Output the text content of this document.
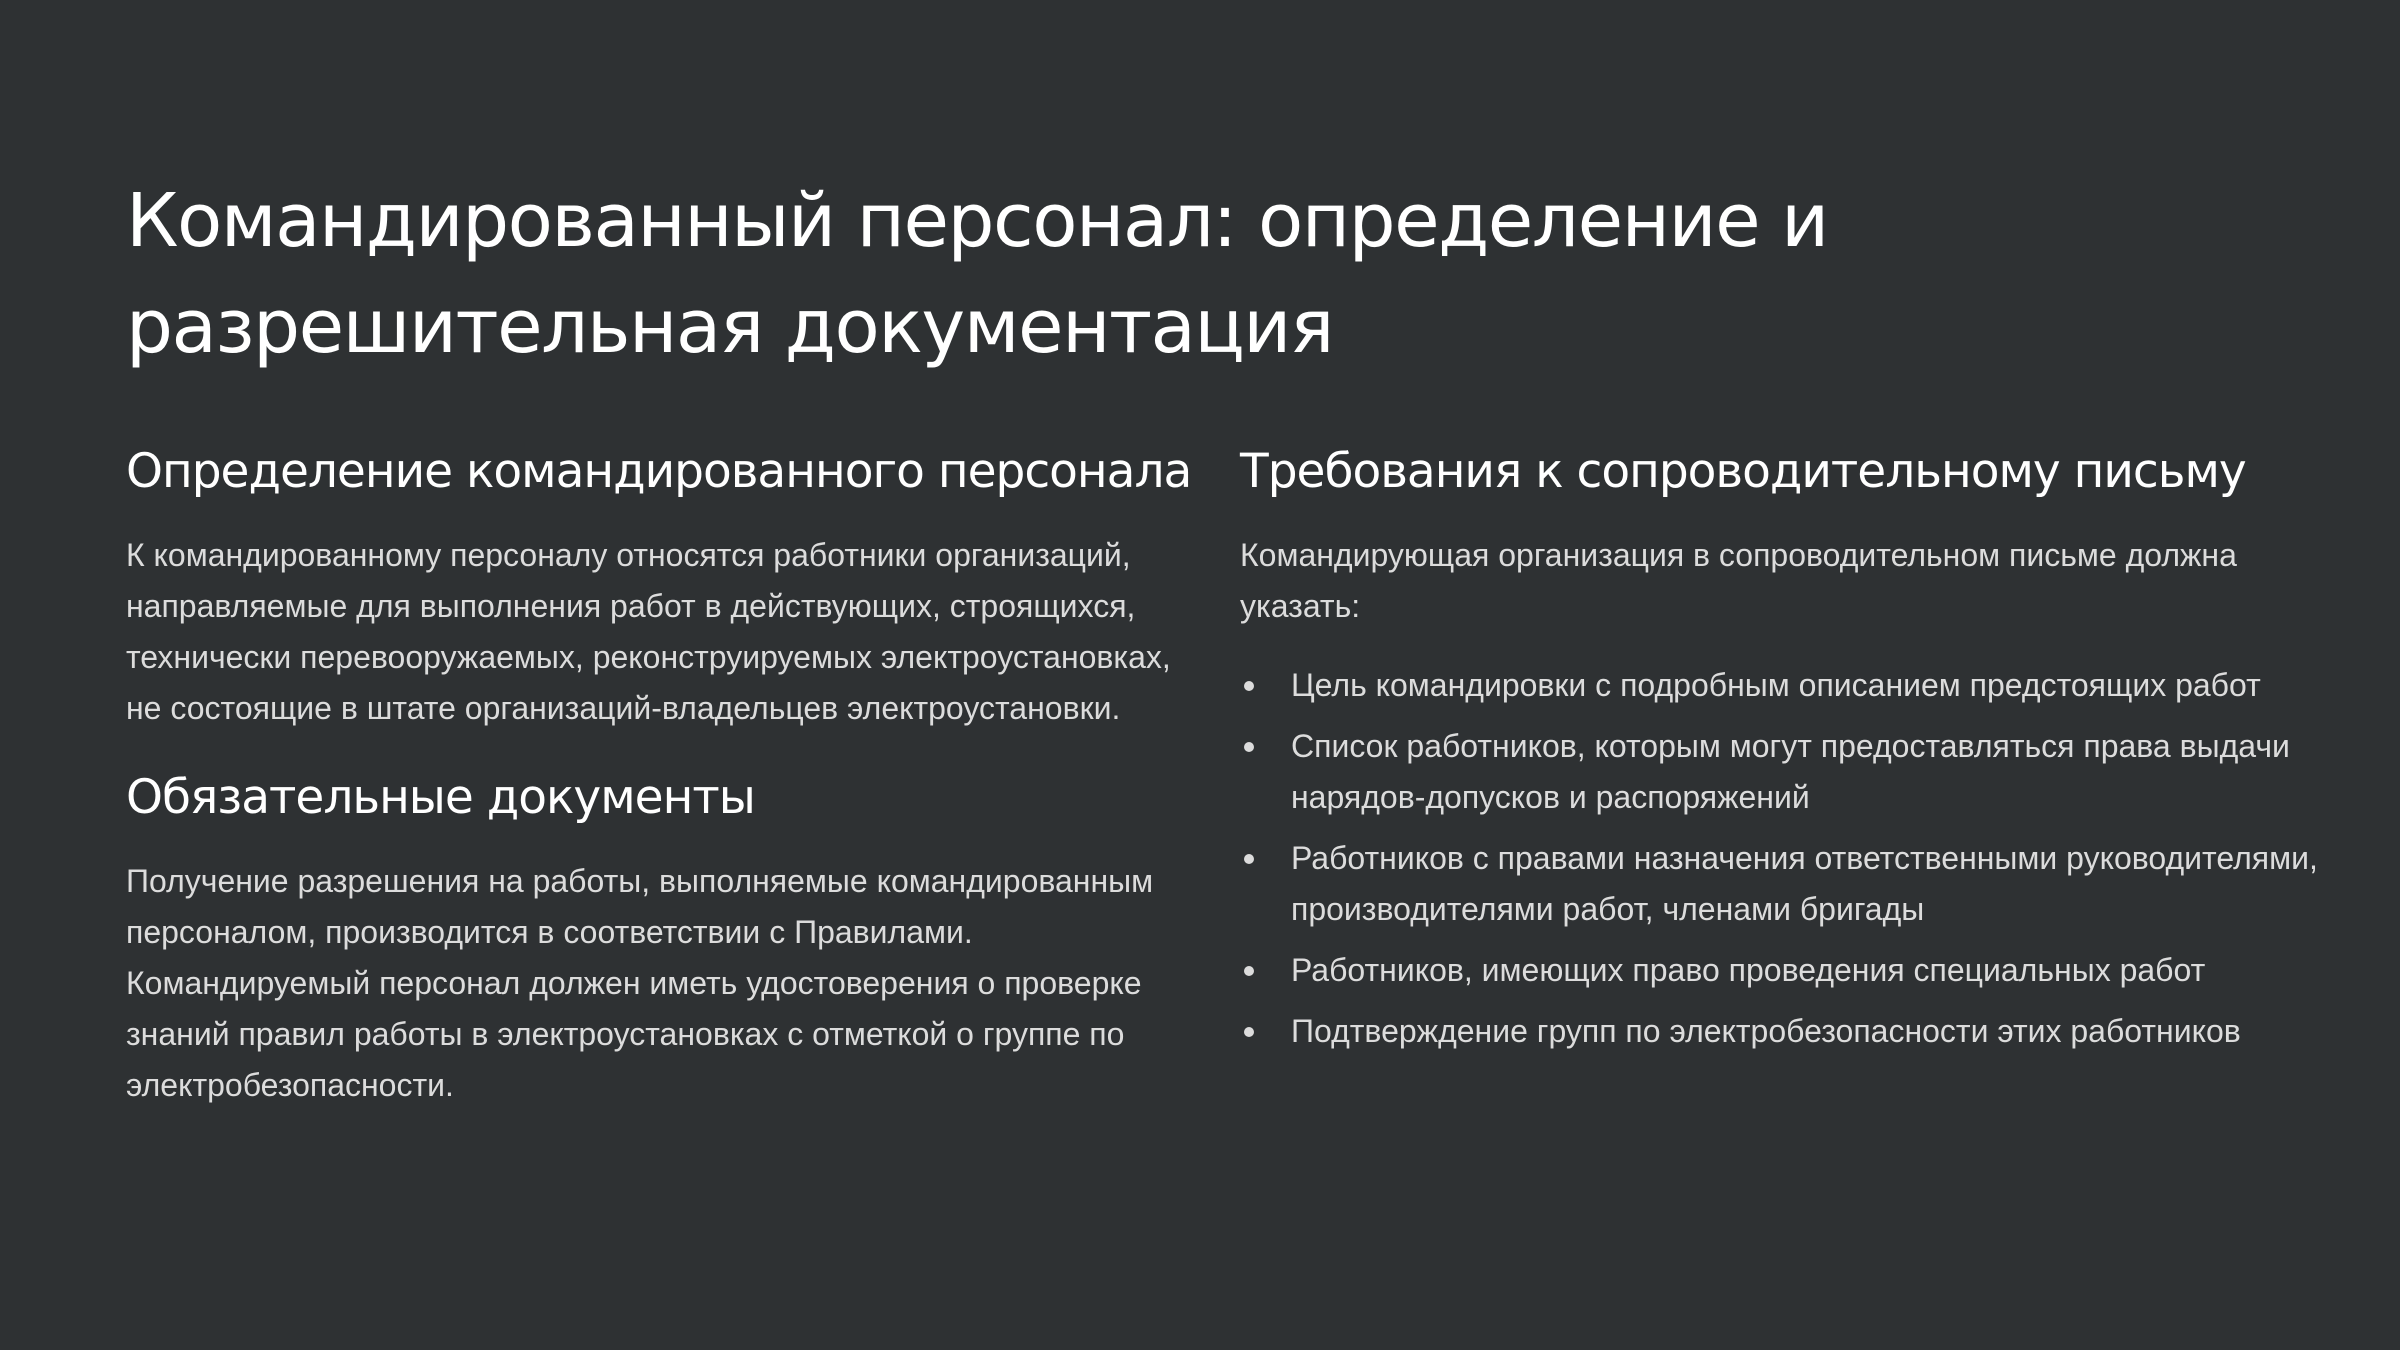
Командированный персонал: определение и разрешительная документация
Определение командированного персонала

К командированному персоналу относятся работники организаций, направляемые для выполнения работ в действующих, строящихся, технически перевооружаемых, реконструируемых электроустановках, не состоящие в штате организаций-владельцев электроустановки.

Обязательные документы

Получение разрешения на работы, выполняемые командированным персоналом, производится в соответствии с Правилами. Командируемый персонал должен иметь удостоверения о проверке знаний правил работы в электроустановках с отметкой о группе по электробезопасности.

Требования к сопроводительному письму

Командирующая организация в сопроводительном письме должна указать:

Цель командировки с подробным описанием предстоящих работ
Список работников, которым могут предоставляться права выдачи нарядов-допусков и распоряжений
Работников с правами назначения ответственными руководителями, производителями работ, членами бригады
Работников, имеющих право проведения специальных работ
Подтверждение групп по электробезопасности этих работников
